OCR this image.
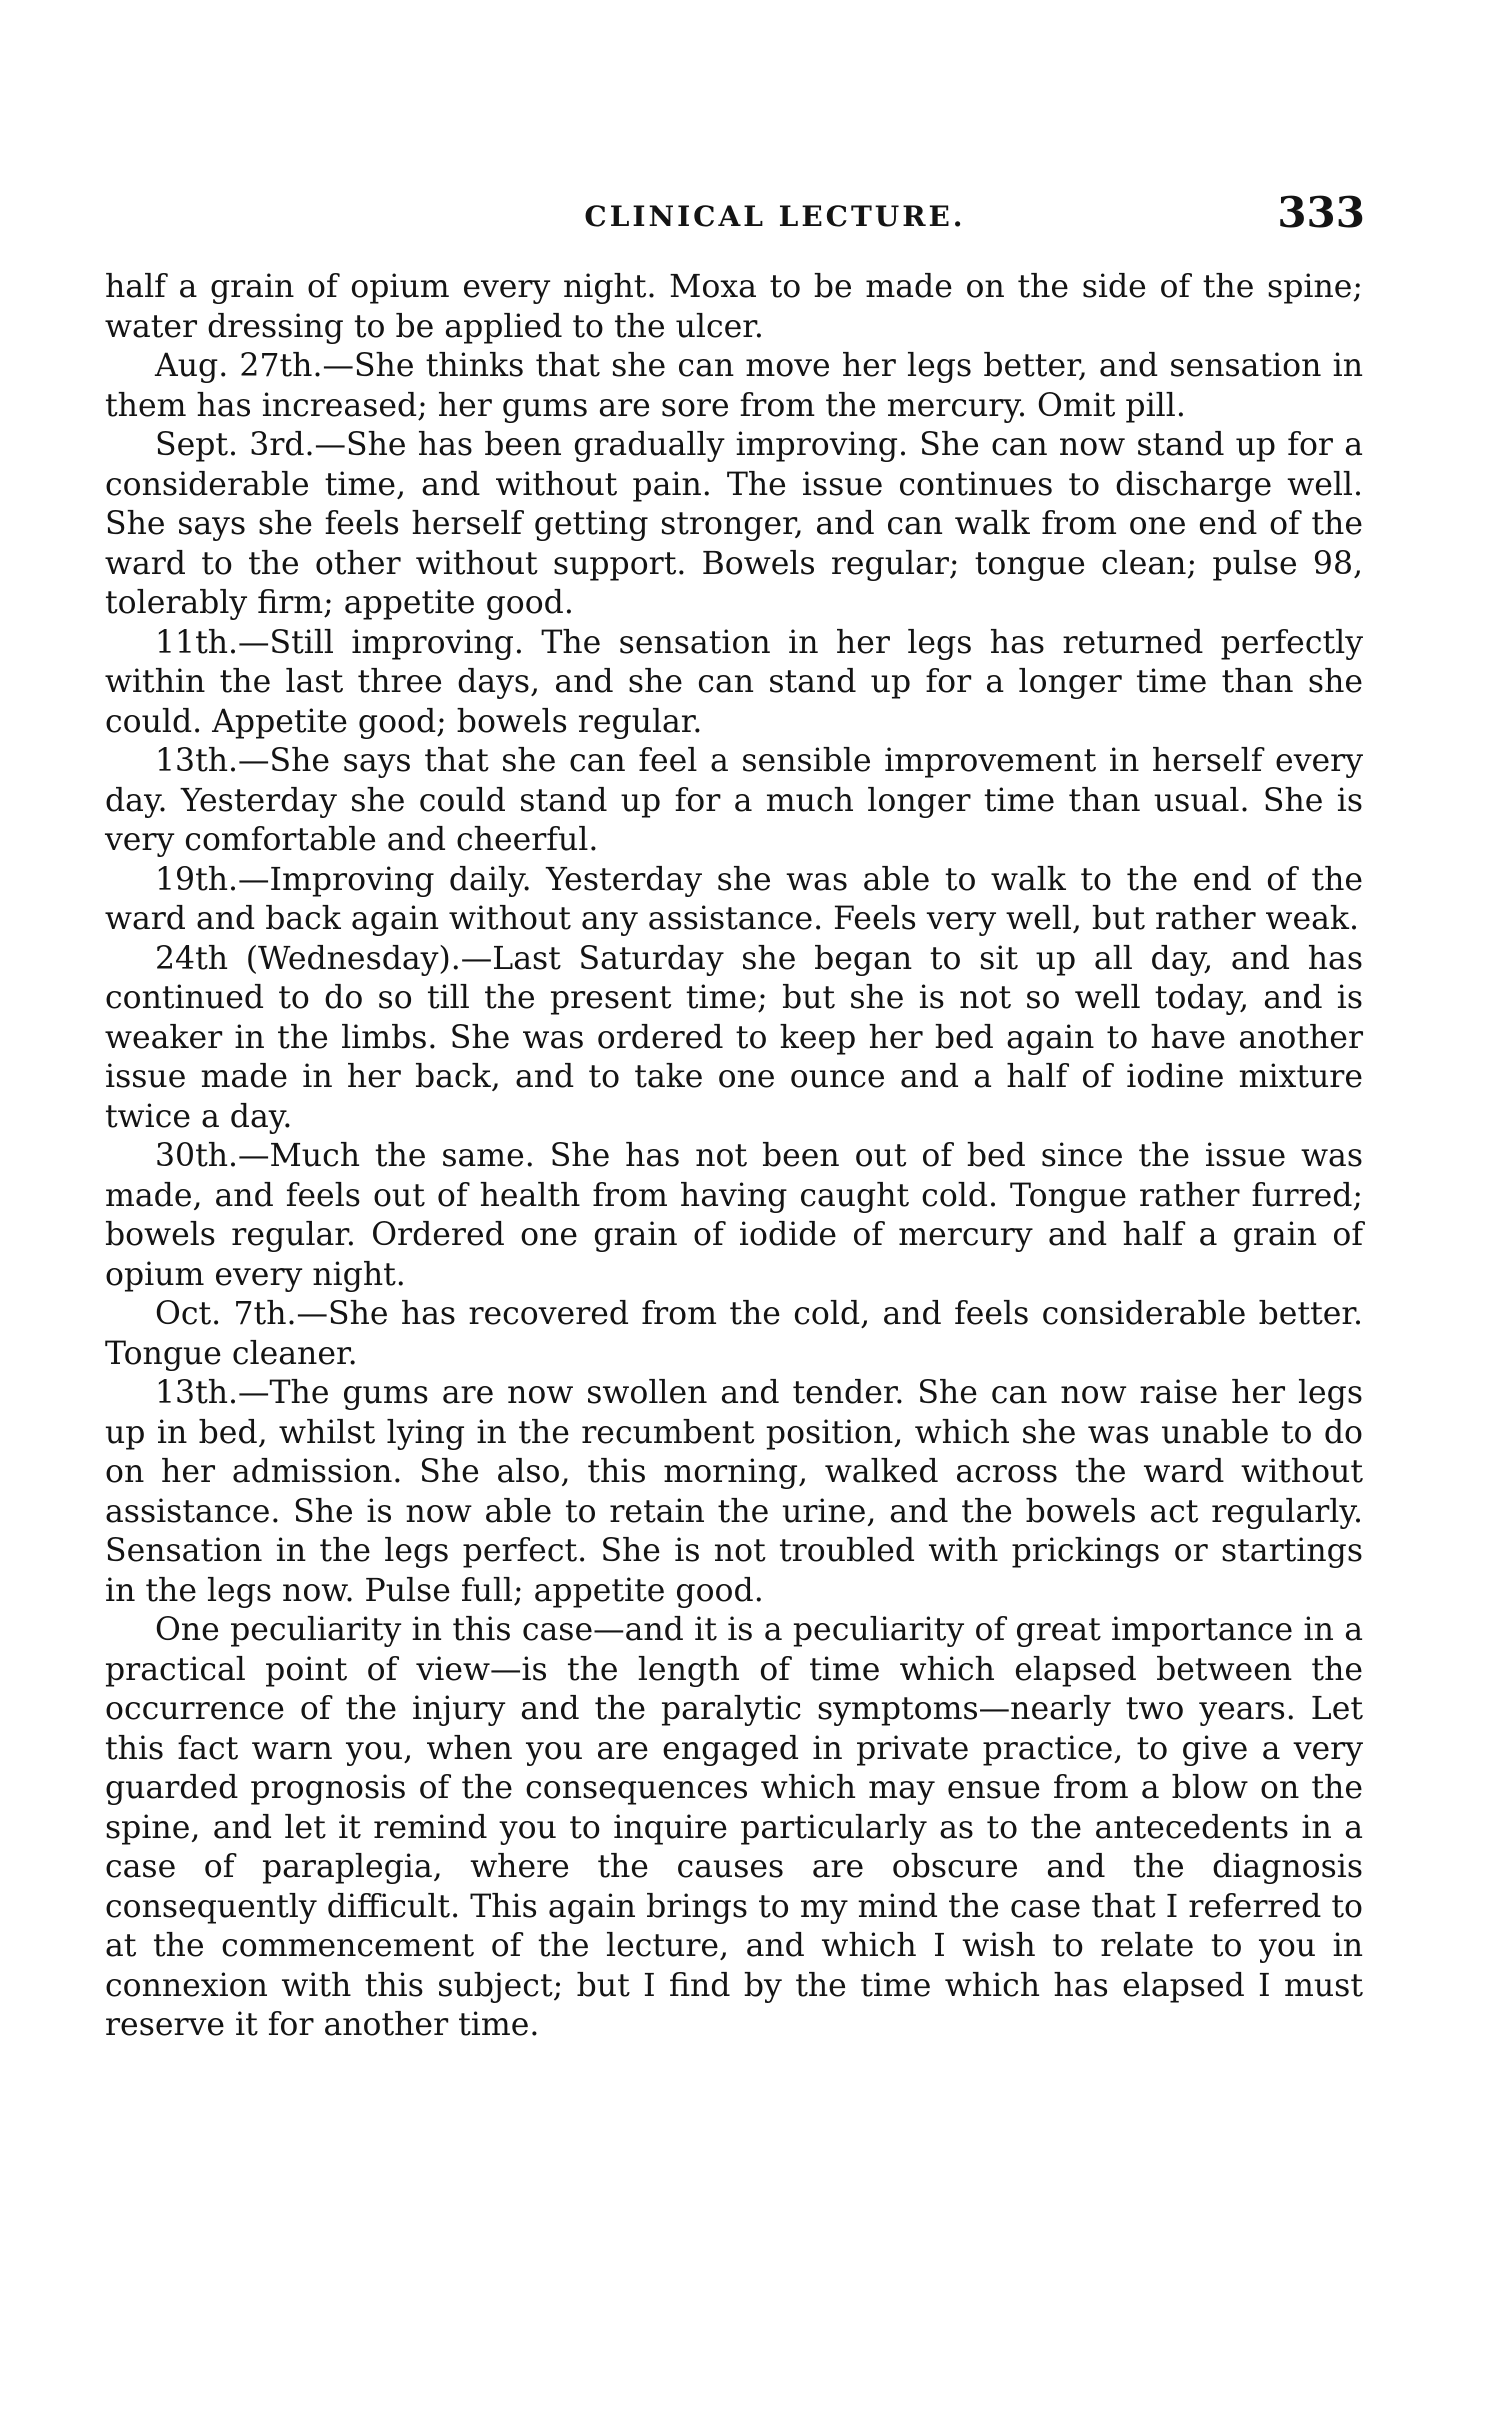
CLINICAL LECTURE.	333

half a grain of opium every night. Moxa to be made on the side of the spine; water dressing to be applied to the ulcer.

Aug. 27th.—She thinks that she can move her legs better, and sensation in them has increased; her gums are sore from the mercury. Omit pill.

Sept. 3rd.—She has been gradually improving. She can now stand up for a considerable time, and without pain. The issue continues to discharge well. She says she feels herself getting stronger, and can walk from one end of the ward to the other without support. Bowels regular; tongue clean; pulse 98, tolerably firm; appetite good.

11th.—Still improving. The sensation in her legs has returned perfectly within the last three days, and she can stand up for a longer time than she could. Appetite good; bowels regular.

13th.—She says that she can feel a sensible improvement in herself every day. Yesterday she could stand up for a much longer time than usual. She is very comfortable and cheerful.

19th.—Improving daily. Yesterday she was able to walk to the end of the ward and back again without any assistance. Feels very well, but rather weak.

24th (Wednesday).—Last Saturday she began to sit up all day, and has continued to do so till the present time; but she is not so well today, and is weaker in the limbs. She was ordered to keep her bed again to have another issue made in her back, and to take one ounce and a half of iodine mixture twice a day.

30th.—Much the same. She has not been out of bed since the issue was made, and feels out of health from having caught cold. Tongue rather furred; bowels regular. Ordered one grain of iodide of mercury and half a grain of opium every night.

Oct. 7th.—She has recovered from the cold, and feels considerable better. Tongue cleaner.

13th.—The gums are now swollen and tender. She can now raise her legs up in bed, whilst lying in the recumbent position, which she was unable to do on her admission. She also, this morning, walked across the ward without assistance. She is now able to retain the urine, and the bowels act regularly. Sensation in the legs perfect. She is not troubled with prickings or startings in the legs now. Pulse full; appetite good.

One peculiarity in this case—and it is a peculiarity of great importance in a practical point of view—is the length of time which elapsed between the occurrence of the injury and the paralytic symptoms—nearly two years. Let this fact warn you, when you are engaged in private practice, to give a very guarded prognosis of the consequences which may ensue from a blow on the spine, and let it remind you to inquire particularly as to the antecedents in a case of paraplegia, where the causes are obscure and the diagnosis consequently difficult. This again brings to my mind the case that I referred to at the commencement of the lecture, and which I wish to relate to you in connexion with this subject; but I find by the time which has elapsed I must reserve it for another time.
